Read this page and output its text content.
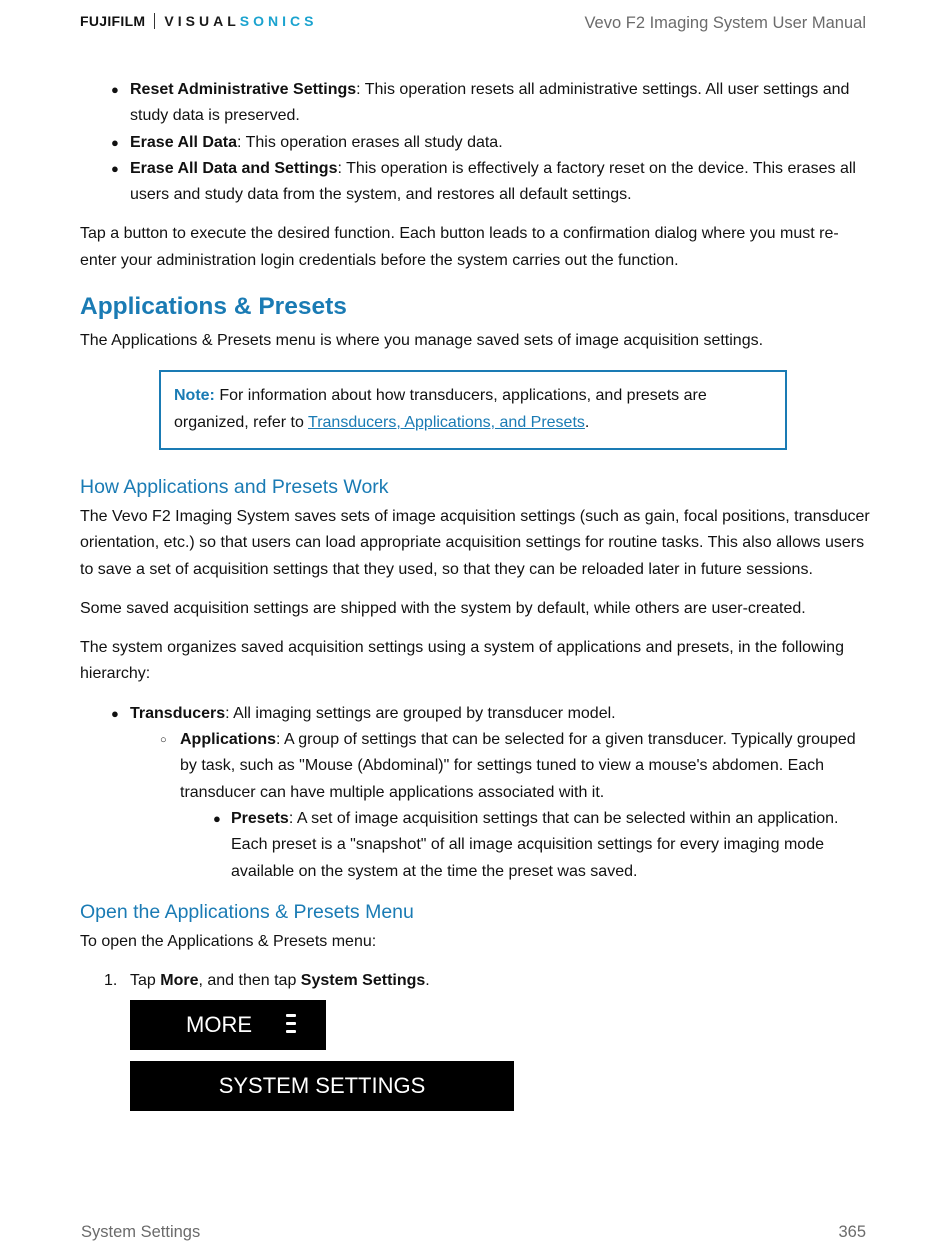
FUJIFILM VISUAL SONICS	Vevo F2 Imaging System User Manual
● Reset Administrative Settings: This operation resets all administrative settings. All user settings and study data is preserved.
● Erase All Data: This operation erases all study data.
● Erase All Data and Settings: This operation is effectively a factory reset on the device. This erases all users and study data from the system, and restores all default settings.

Tap a button to execute the desired function. Each button leads to a confirmation dialog where you must re-enter your administration login credentials before the system carries out the function.

Applications & Presets

The Applications & Presets menu is where you manage saved sets of image acquisition settings.

Note: For information about how transducers, applications, and presets are organized, refer to Transducers, Applications, and Presets.
How Applications and Presets Work

The Vevo F2 Imaging System saves sets of image acquisition settings (such as gain, focal positions, transducer orientation, etc.) so that users can load appropriate acquisition settings for routine tasks. This also allows users to save a set of acquisition settings that they used, so that they can be reloaded later in future sessions.

Some saved acquisition settings are shipped with the system by default, while others are user-created.

The system organizes saved acquisition settings using a system of applications and presets, in the following hierarchy:

● Transducers: All imaging settings are grouped by transducer model.
○ Applications: A group of settings that can be selected for a given transducer. Typically grouped by task, such as "Mouse (Abdominal)" for settings tuned to view a mouse's abdomen. Each transducer can have multiple applications associated with it.
● Presets: A set of image acquisition settings that can be selected within an application. Each preset is a "snapshot" of all image acquisition settings for every imaging mode available on the system at the time the preset was saved.
Open the Applications & Presets Menu

To open the Applications & Presets menu:

1. Tap More, and then tap System Settings.
MORE
SYSTEM SETTINGS
System Settings	365
